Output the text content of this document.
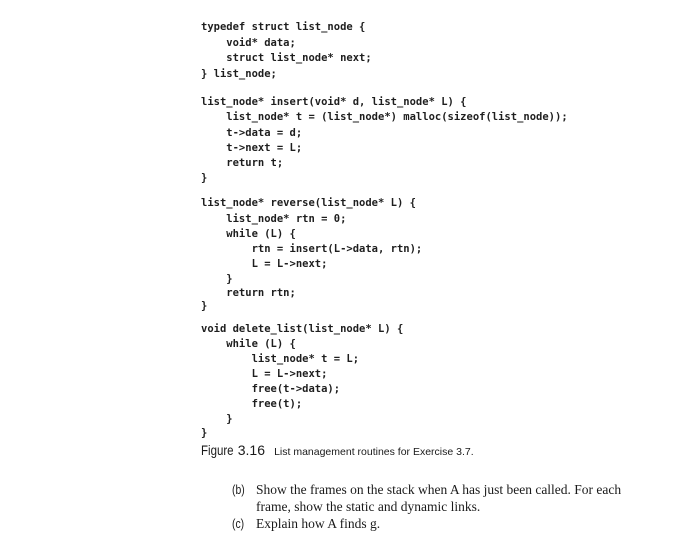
typedef struct list_node {
void* data;
struct list_node* next;
} list_node;
list_node* insert(void* d, list_node* L) {
list_node* t = (list_node*) malloc(sizeof(list_node));
t->data = d;
t->next = L;
return t;
}
list_node* reverse(list_node* L) {
list_node* rtn = 0;
while (L) {
rtn = insert(L->data, rtn);
L = L->next;
}
return rtn;
}
void delete_list(list_node* L) {
while (L) {
list_node* t = L;
L = L->next;
free(t->data);
free(t);
}
}
Figure 3.16 List management routines for Exercise 3.7.
(b) Show the frames on the stack when A has just been called. For each frame, show the static and dynamic links.
(c) Explain how A finds g.
